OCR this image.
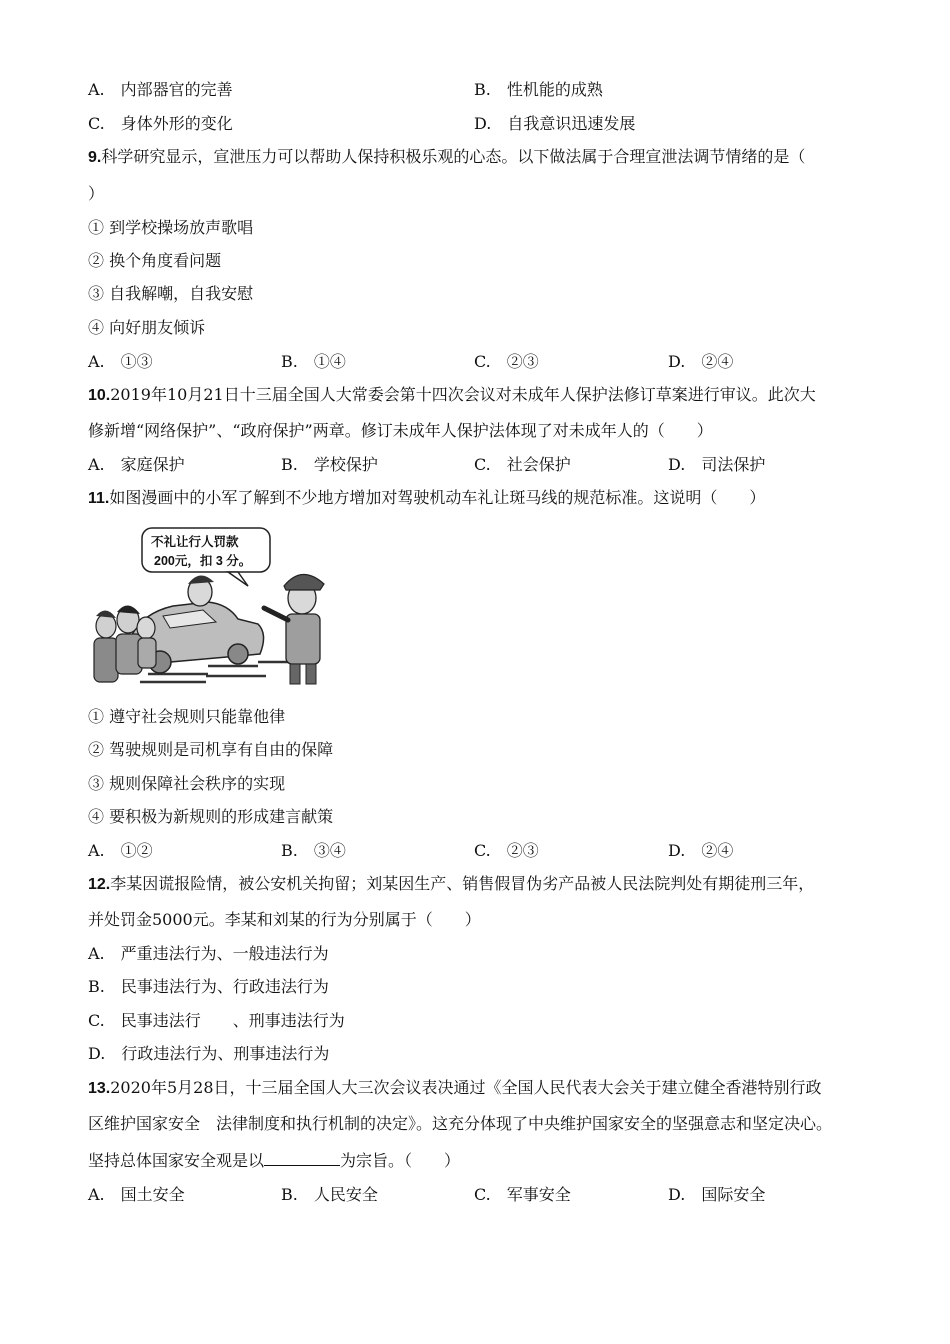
A.　内部器官的完善	B.　性机能的成熟
C.　身体外形的变化	D.　自我意识迅速发展
9.科学研究显示，宣泄压力可以帮助人保持积极乐观的心态。以下做法属于合理宣泄法调节情绪的是（
）
① 到学校操场放声歌唱
② 换个角度看问题
③ 自我解嘲，自我安慰
④ 向好朋友倾诉
A.　①③	B.　①④	C.　②③	D.　②④
10.2019年10月21日十三届全国人大常委会第十四次会议对未成年人保护法修订草案进行审议。此次大
修新增“网络保护”、“政府保护”两章。修订未成年人保护法体现了对未成年人的（　　）
A.　家庭保护	B.　学校保护	C.　社会保护	D.　司法保护
11.如图漫画中的小军了解到不少地方增加对驾驶机动车礼让斑马线的规范标准。这说明（　　）
不礼让行人罚款
200元，扣 3 分。
① 遵守社会规则只能靠他律
② 驾驶规则是司机享有自由的保障
③ 规则保障社会秩序的实现
④ 要积极为新规则的形成建言献策
A.　①②	B.　③④	C.　②③	D.　②④
12.李某因谎报险情，被公安机关拘留；刘某因生产、销售假冒伪劣产品被人民法院判处有期徒刑三年，
并处罚金5000元。李某和刘某的行为分别属于（　　）
A.　严重违法行为、一般违法行为
B.　民事违法行为、行政违法行为
C.　民事违法行　　、刑事违法行为
D.　行政违法行为、刑事违法行为
13.2020年5月28日，十三届全国人大三次会议表决通过《全国人民代表大会关于建立健全香港特别行政
区维护国家安全　法律制度和执行机制的决定》。这充分体现了中央维护国家安全的坚强意志和坚定决心。
坚持总体国家安全观是以	为宗旨。（　　）
A.　国土安全	B.　人民安全	C.　军事安全	D.　国际安全
